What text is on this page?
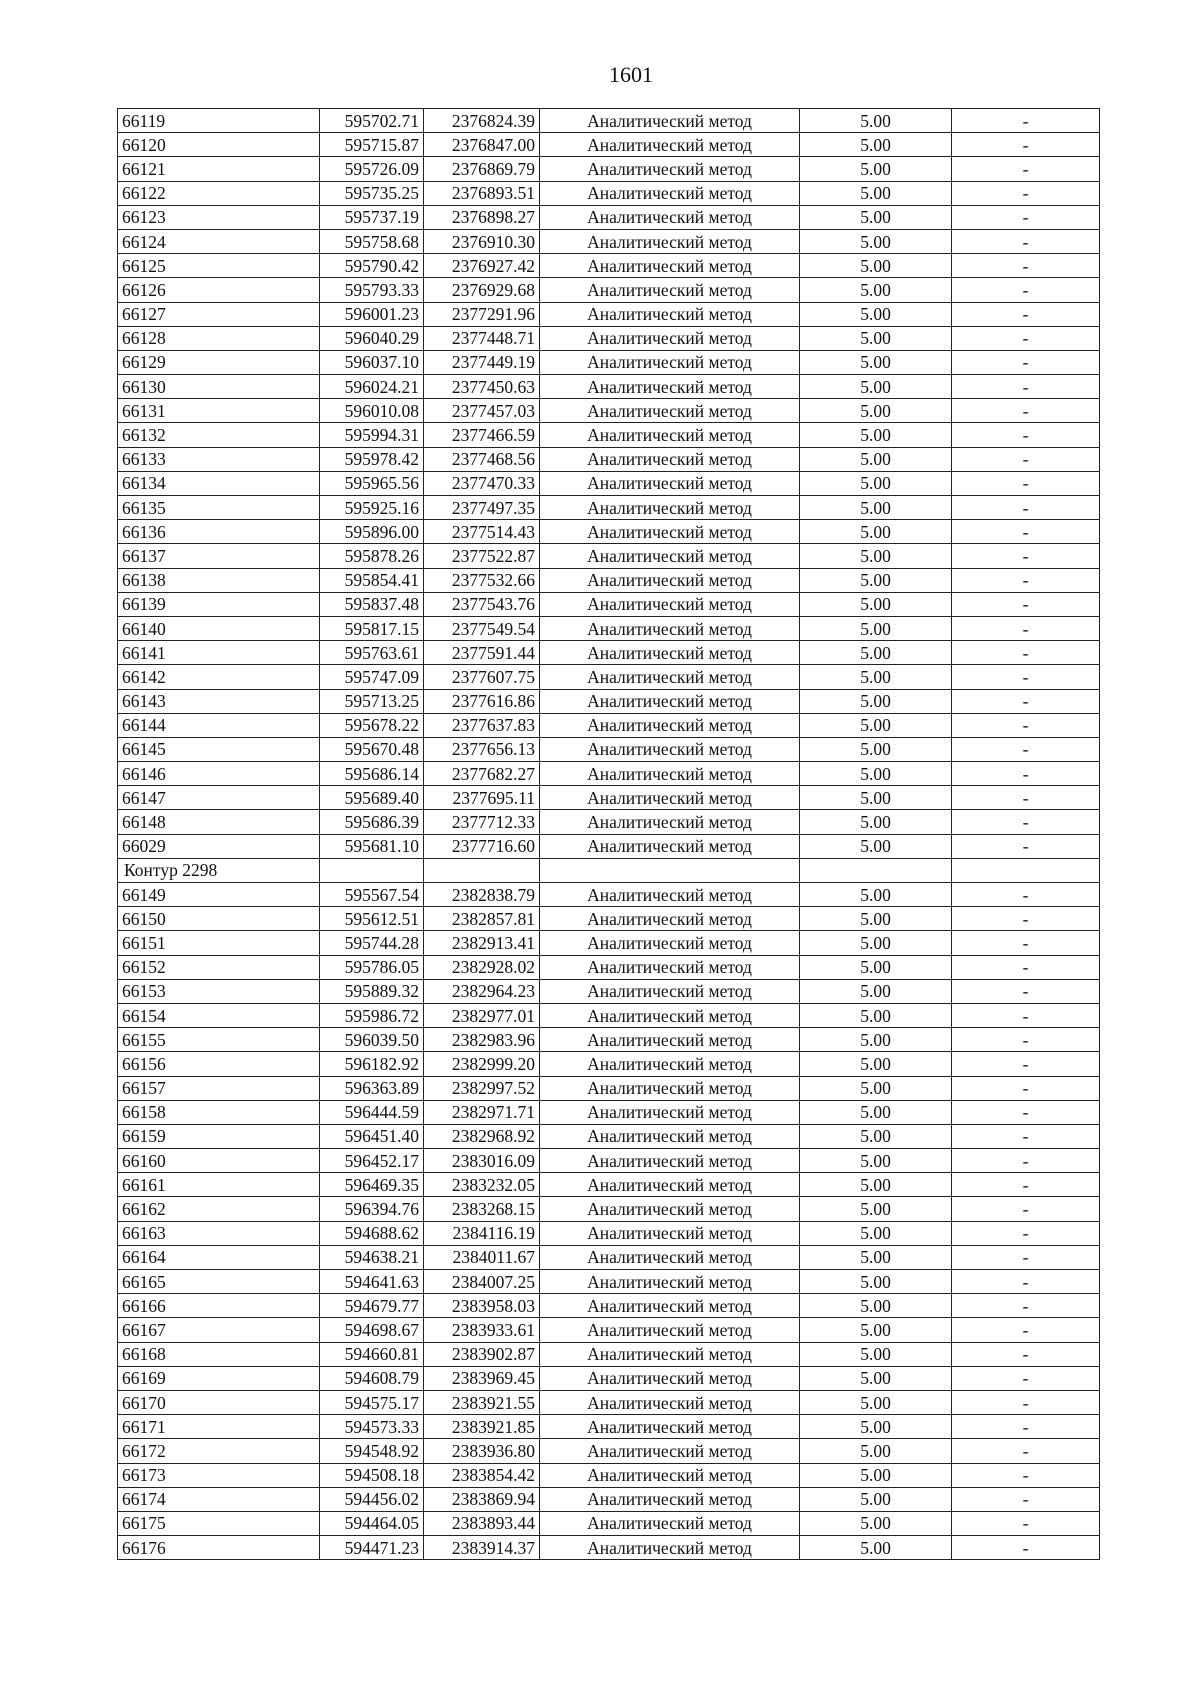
1601
66119	595702.71	2376824.39	Аналитический метод	5.00	-
66120	595715.87	2376847.00	Аналитический метод	5.00	-
66121	595726.09	2376869.79	Аналитический метод	5.00	-
66122	595735.25	2376893.51	Аналитический метод	5.00	-
66123	595737.19	2376898.27	Аналитический метод	5.00	-
66124	595758.68	2376910.30	Аналитический метод	5.00	-
66125	595790.42	2376927.42	Аналитический метод	5.00	-
66126	595793.33	2376929.68	Аналитический метод	5.00	-
66127	596001.23	2377291.96	Аналитический метод	5.00	-
66128	596040.29	2377448.71	Аналитический метод	5.00	-
66129	596037.10	2377449.19	Аналитический метод	5.00	-
66130	596024.21	2377450.63	Аналитический метод	5.00	-
66131	596010.08	2377457.03	Аналитический метод	5.00	-
66132	595994.31	2377466.59	Аналитический метод	5.00	-
66133	595978.42	2377468.56	Аналитический метод	5.00	-
66134	595965.56	2377470.33	Аналитический метод	5.00	-
66135	595925.16	2377497.35	Аналитический метод	5.00	-
66136	595896.00	2377514.43	Аналитический метод	5.00	-
66137	595878.26	2377522.87	Аналитический метод	5.00	-
66138	595854.41	2377532.66	Аналитический метод	5.00	-
66139	595837.48	2377543.76	Аналитический метод	5.00	-
66140	595817.15	2377549.54	Аналитический метод	5.00	-
66141	595763.61	2377591.44	Аналитический метод	5.00	-
66142	595747.09	2377607.75	Аналитический метод	5.00	-
66143	595713.25	2377616.86	Аналитический метод	5.00	-
66144	595678.22	2377637.83	Аналитический метод	5.00	-
66145	595670.48	2377656.13	Аналитический метод	5.00	-
66146	595686.14	2377682.27	Аналитический метод	5.00	-
66147	595689.40	2377695.11	Аналитический метод	5.00	-
66148	595686.39	2377712.33	Аналитический метод	5.00	-
66029	595681.10	2377716.60	Аналитический метод	5.00	-
Контур 2298					
66149	595567.54	2382838.79	Аналитический метод	5.00	-
66150	595612.51	2382857.81	Аналитический метод	5.00	-
66151	595744.28	2382913.41	Аналитический метод	5.00	-
66152	595786.05	2382928.02	Аналитический метод	5.00	-
66153	595889.32	2382964.23	Аналитический метод	5.00	-
66154	595986.72	2382977.01	Аналитический метод	5.00	-
66155	596039.50	2382983.96	Аналитический метод	5.00	-
66156	596182.92	2382999.20	Аналитический метод	5.00	-
66157	596363.89	2382997.52	Аналитический метод	5.00	-
66158	596444.59	2382971.71	Аналитический метод	5.00	-
66159	596451.40	2382968.92	Аналитический метод	5.00	-
66160	596452.17	2383016.09	Аналитический метод	5.00	-
66161	596469.35	2383232.05	Аналитический метод	5.00	-
66162	596394.76	2383268.15	Аналитический метод	5.00	-
66163	594688.62	2384116.19	Аналитический метод	5.00	-
66164	594638.21	2384011.67	Аналитический метод	5.00	-
66165	594641.63	2384007.25	Аналитический метод	5.00	-
66166	594679.77	2383958.03	Аналитический метод	5.00	-
66167	594698.67	2383933.61	Аналитический метод	5.00	-
66168	594660.81	2383902.87	Аналитический метод	5.00	-
66169	594608.79	2383969.45	Аналитический метод	5.00	-
66170	594575.17	2383921.55	Аналитический метод	5.00	-
66171	594573.33	2383921.85	Аналитический метод	5.00	-
66172	594548.92	2383936.80	Аналитический метод	5.00	-
66173	594508.18	2383854.42	Аналитический метод	5.00	-
66174	594456.02	2383869.94	Аналитический метод	5.00	-
66175	594464.05	2383893.44	Аналитический метод	5.00	-
66176	594471.23	2383914.37	Аналитический метод	5.00	-
